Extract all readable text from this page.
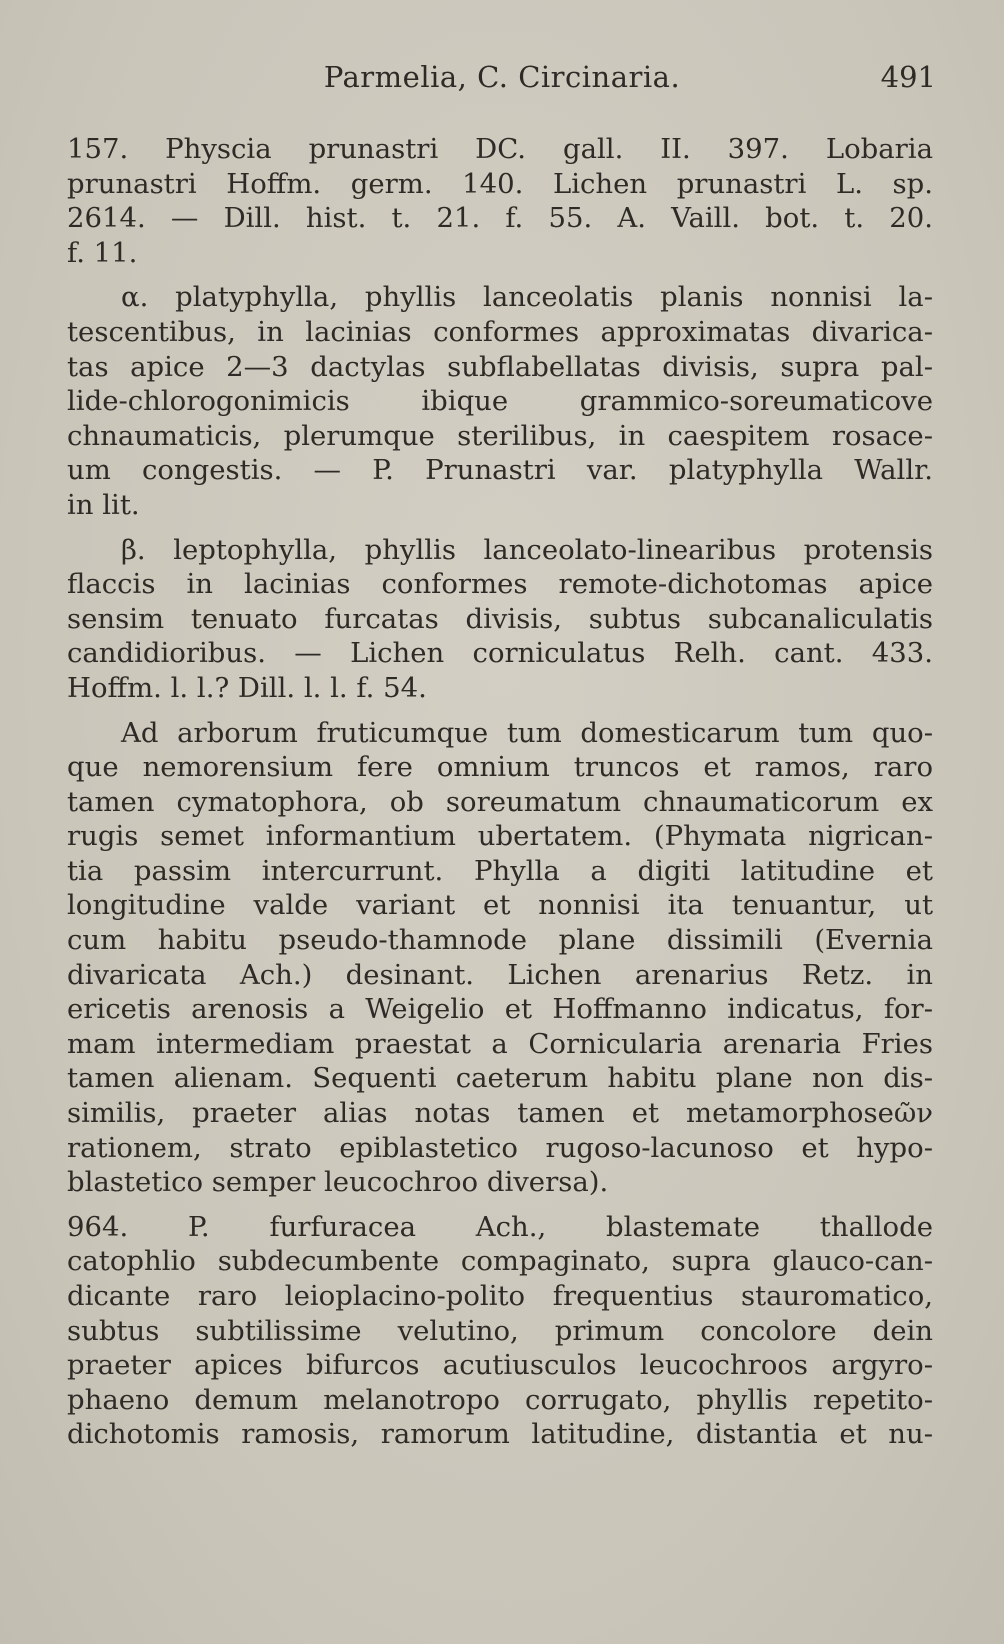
Parmelia, C. Circinaria.	491
157. Physcia prunastri DC. gall. II. 397. Lobaria
prunastri Hoffm. germ. 140. Lichen prunastri L. sp.
2614. — Dill. hist. t. 21. f. 55. A. Vaill. bot. t. 20.
f. 11.
α. platyphylla, phyllis lanceolatis planis nonnisi la-
tescentibus, in lacinias conformes approximatas divarica-
tas apice 2—3 dactylas subflabellatas divisis, supra pal-
lide-chlorogonimicis ibique grammico-soreumaticove
chnaumaticis, plerumque sterilibus, in caespitem rosace-
um congestis. — P. Prunastri var. platyphylla Wallr.
in lit.
β. leptophylla, phyllis lanceolato-linearibus protensis
flaccis in lacinias conformes remote-dichotomas apice
sensim tenuato furcatas divisis, subtus subcanaliculatis
candidioribus. — Lichen corniculatus Relh. cant. 433.
Hoffm. l. l.? Dill. l. l. f. 54.
Ad arborum fruticumque tum domesticarum tum quo-
que nemorensium fere omnium truncos et ramos, raro
tamen cymatophora, ob soreumatum chnaumaticorum ex
rugis semet informantium ubertatem. (Phymata nigrican-
tia passim intercurrunt. Phylla a digiti latitudine et
longitudine valde variant et nonnisi ita tenuantur, ut
cum habitu pseudo-thamnode plane dissimili (Evernia
divaricata Ach.) desinant. Lichen arenarius Retz. in
ericetis arenosis a Weigelio et Hoffmanno indicatus, for-
mam intermediam praestat a Cornicularia arenaria Fries
tamen alienam. Sequenti caeterum habitu plane non dis-
similis, praeter alias notas tamen et metamorphoseῶν
rationem, strato epiblastetico rugoso-lacunoso et hypo-
blastetico semper leucochroo diversa).
964. P. furfuracea Ach., blastemate thallode
catophlio subdecumbente compaginato, supra glauco-can-
dicante raro leioplacino-polito frequentius stauromatico,
subtus subtilissime velutino, primum concolore dein
praeter apices bifurcos acutiusculos leucochroos argyro-
phaeno demum melanotropo corrugato, phyllis repetito-
dichotomis ramosis, ramorum latitudine, distantia et nu-
